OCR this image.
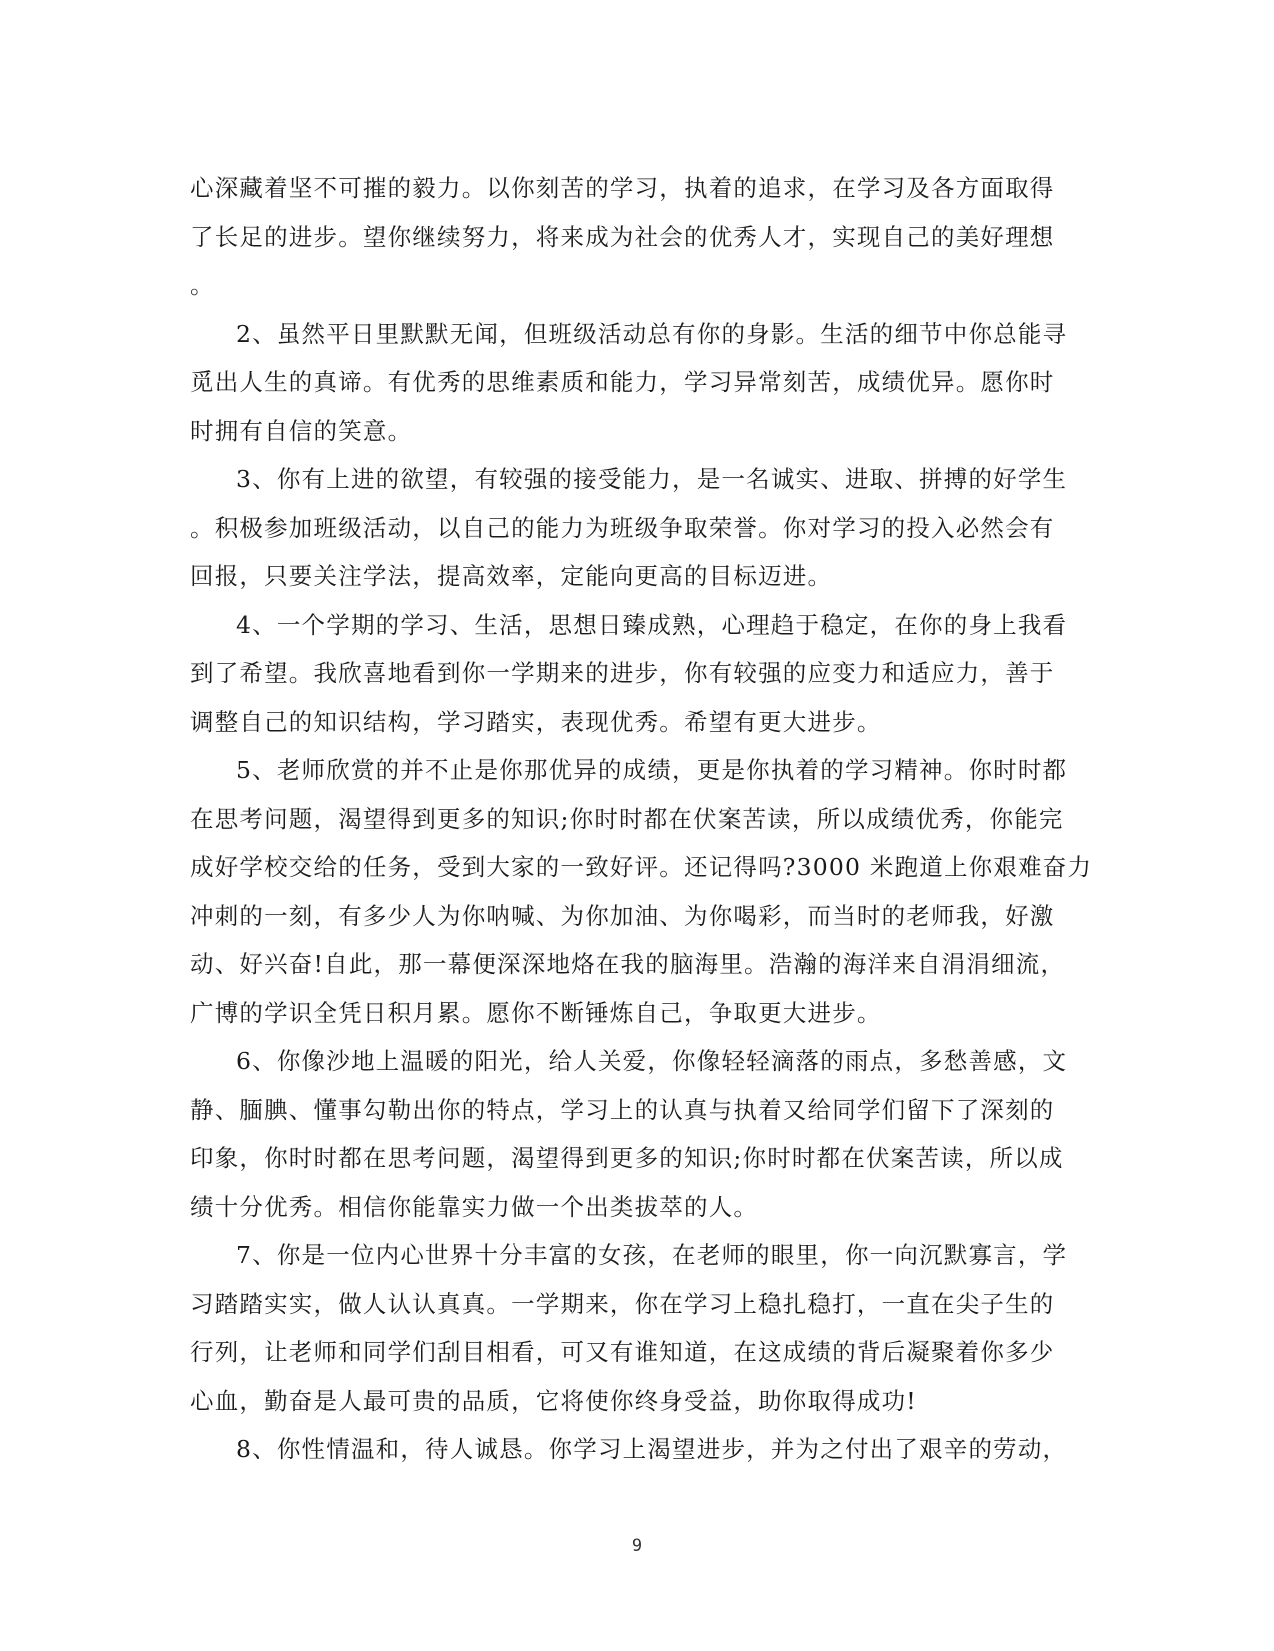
心深藏着坚不可摧的毅力。以你刻苦的学习，执着的追求，在学习及各方面取得
了长足的进步。望你继续努力，将来成为社会的优秀人才，实现自己的美好理想
。
2、虽然平日里默默无闻，但班级活动总有你的身影。生活的细节中你总能寻
觅出人生的真谛。有优秀的思维素质和能力，学习异常刻苦，成绩优异。愿你时
时拥有自信的笑意。
3、你有上进的欲望，有较强的接受能力，是一名诚实、进取、拼搏的好学生
。积极参加班级活动，以自己的能力为班级争取荣誉。你对学习的投入必然会有
回报，只要关注学法，提高效率，定能向更高的目标迈进。
4、一个学期的学习、生活，思想日臻成熟，心理趋于稳定，在你的身上我看
到了希望。我欣喜地看到你一学期来的进步，你有较强的应变力和适应力，善于
调整自己的知识结构，学习踏实，表现优秀。希望有更大进步。
5、老师欣赏的并不止是你那优异的成绩，更是你执着的学习精神。你时时都
在思考问题，渴望得到更多的知识;你时时都在伏案苦读，所以成绩优秀，你能完
成好学校交给的任务，受到大家的一致好评。还记得吗?3000 米跑道上你艰难奋力
冲刺的一刻，有多少人为你呐喊、为你加油、为你喝彩，而当时的老师我，好激
动、好兴奋!自此，那一幕便深深地烙在我的脑海里。浩瀚的海洋来自涓涓细流，
广博的学识全凭日积月累。愿你不断锤炼自己，争取更大进步。
6、你像沙地上温暖的阳光，给人关爱，你像轻轻滴落的雨点，多愁善感，文
静、腼腆、懂事勾勒出你的特点，学习上的认真与执着又给同学们留下了深刻的
印象，你时时都在思考问题，渴望得到更多的知识;你时时都在伏案苦读，所以成
绩十分优秀。相信你能靠实力做一个出类拔萃的人。
7、你是一位内心世界十分丰富的女孩，在老师的眼里，你一向沉默寡言，学
习踏踏实实，做人认认真真。一学期来，你在学习上稳扎稳打，一直在尖子生的
行列，让老师和同学们刮目相看，可又有谁知道，在这成绩的背后凝聚着你多少
心血，勤奋是人最可贵的品质，它将使你终身受益，助你取得成功!
8、你性情温和，待人诚恳。你学习上渴望进步，并为之付出了艰辛的劳动，
9
